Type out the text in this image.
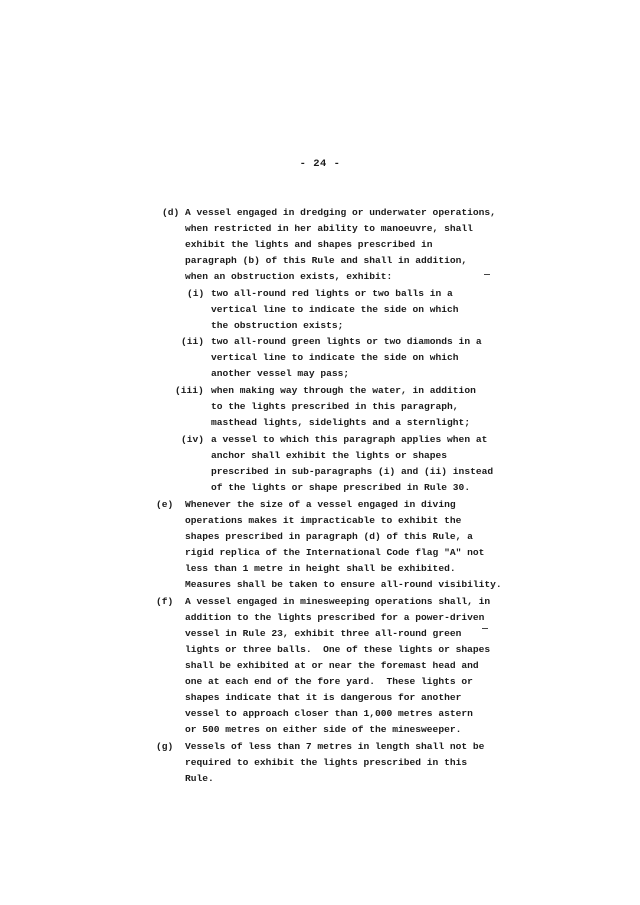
- 24 -
(d) A vessel engaged in dredging or underwater operations,
when restricted in her ability to manoeuvre, shall
exhibit the lights and shapes prescribed in
paragraph (b) of this Rule and shall in addition,
when an obstruction exists, exhibit:
(i) two all-round red lights or two balls in a
vertical line to indicate the side on which
the obstruction exists;
(ii) two all-round green lights or two diamonds in a
vertical line to indicate the side on which
another vessel may pass;
(iii) when making way through the water, in addition
to the lights prescribed in this paragraph,
masthead lights, sidelights and a sternlight;
(iv) a vessel to which this paragraph applies when at
anchor shall exhibit the lights or shapes
prescribed in sub-paragraphs (i) and (ii) instead
of the lights or shape prescribed in Rule 30.
(e) Whenever the size of a vessel engaged in diving
operations makes it impracticable to exhibit the
shapes prescribed in paragraph (d) of this Rule, a
rigid replica of the International Code flag "A" not
less than 1 metre in height shall be exhibited.
Measures shall be taken to ensure all-round visibility.
(f) A vessel engaged in minesweeping operations shall, in
addition to the lights prescribed for a power-driven
vessel in Rule 23, exhibit three all-round green
lights or three balls.  One of these lights or shapes
shall be exhibited at or near the foremast head and
one at each end of the fore yard.  These lights or
shapes indicate that it is dangerous for another
vessel to approach closer than 1,000 metres astern
or 500 metres on either side of the minesweeper.
(g) Vessels of less than 7 metres in length shall not be
required to exhibit the lights prescribed in this
Rule.
